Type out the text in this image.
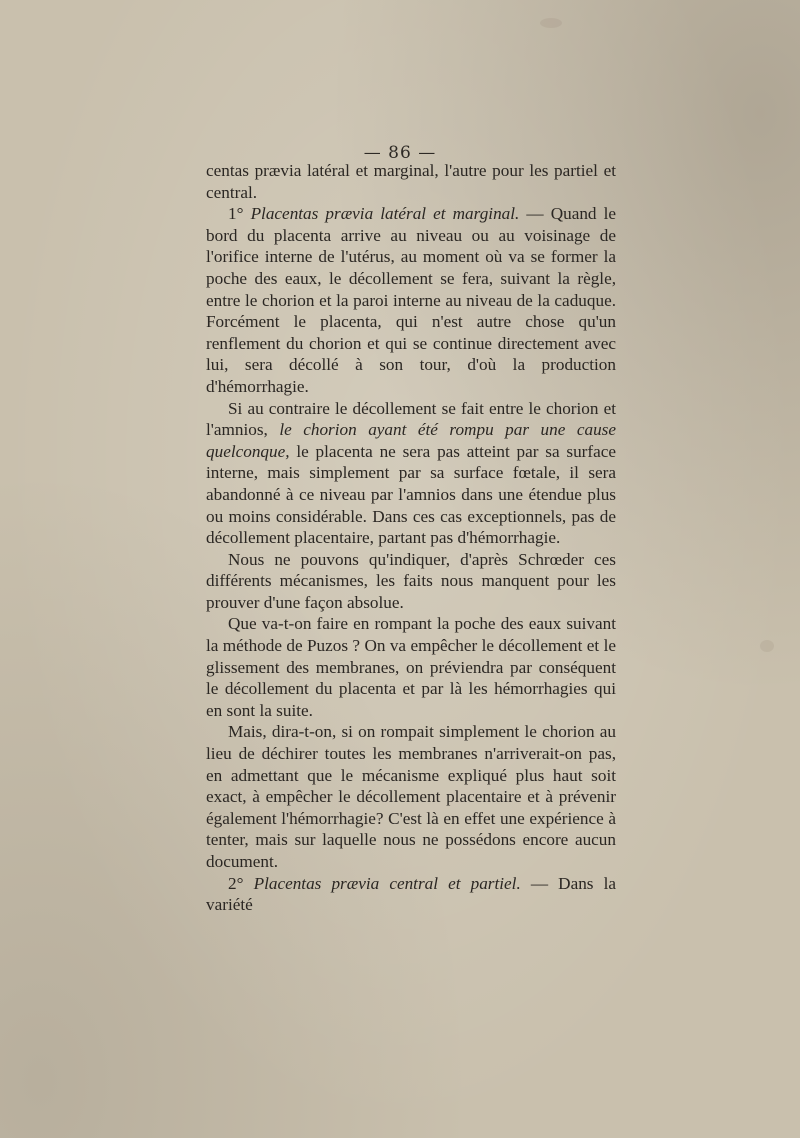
— 86 —

centas prævia latéral et marginal, l'autre pour les partiel et central.

1° Placentas prævia latéral et marginal. — Quand le bord du placenta arrive au niveau ou au voisinage de l'orifice interne de l'utérus, au moment où va se former la poche des eaux, le décollement se fera, suivant la règle, entre le chorion et la paroi interne au niveau de la caduque. Forcément le placenta, qui n'est autre chose qu'un renflement du chorion et qui se continue directement avec lui, sera décollé à son tour, d'où la production d'hémorrhagie.

Si au contraire le décollement se fait entre le chorion et l'amnios, le chorion ayant été rompu par une cause quelconque, le placenta ne sera pas atteint par sa surface interne, mais simplement par sa surface fœtale, il sera abandonné à ce niveau par l'amnios dans une étendue plus ou moins considérable. Dans ces cas exceptionnels, pas de décollement placentaire, partant pas d'hémorrhagie.

Nous ne pouvons qu'indiquer, d'après Schrœder ces différents mécanismes, les faits nous manquent pour les prouver d'une façon absolue.

Que va-t-on faire en rompant la poche des eaux suivant la méthode de Puzos ? On va empêcher le décollement et le glissement des membranes, on préviendra par conséquent le décollement du placenta et par là les hémorrhagies qui en sont la suite.

Mais, dira-t-on, si on rompait simplement le chorion au lieu de déchirer toutes les membranes n'arriverait-on pas, en admettant que le mécanisme expliqué plus haut soit exact, à empêcher le décollement placentaire et à prévenir également l'hémorrhagie? C'est là en effet une expérience à tenter, mais sur laquelle nous ne possédons encore aucun document.

2° Placentas prævia central et partiel. — Dans la variété
